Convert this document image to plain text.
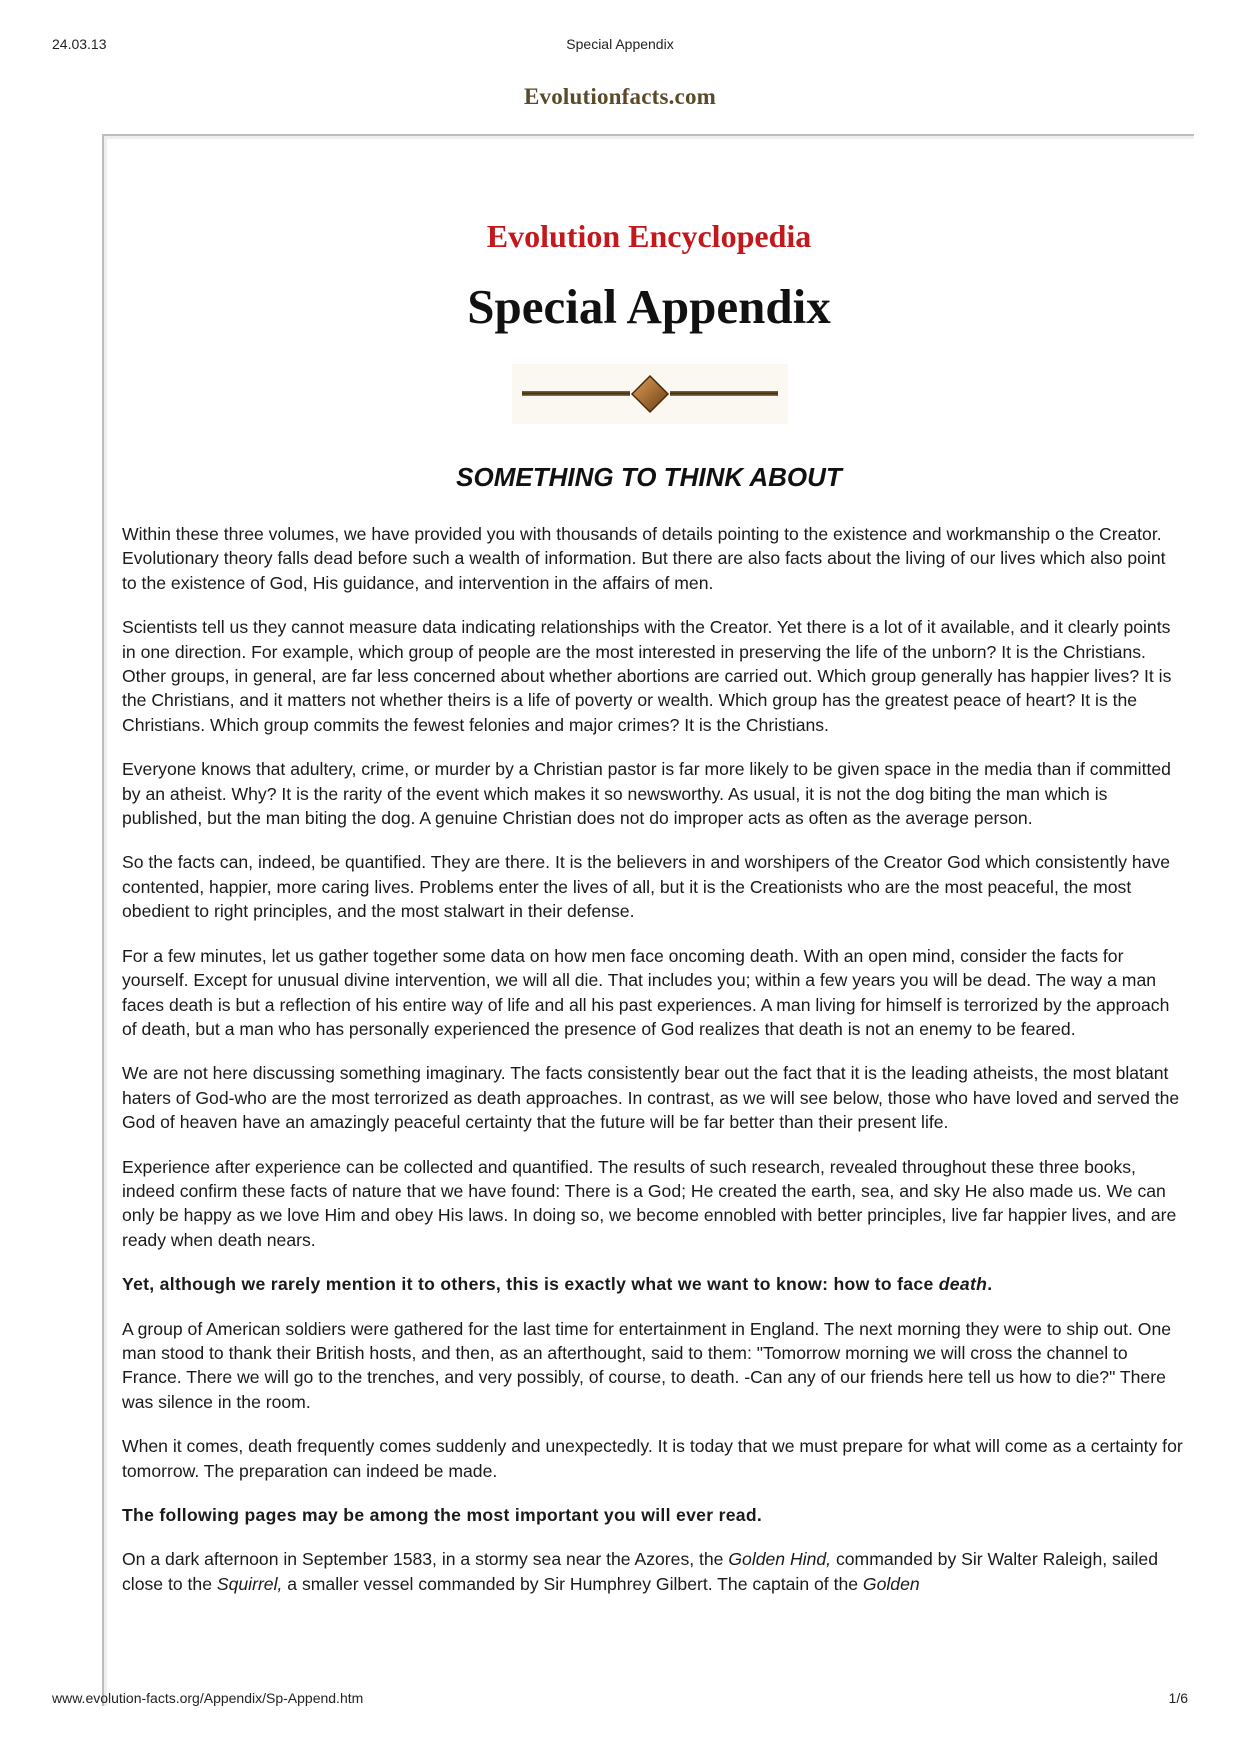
24.03.13	Special Appendix
Evolutionfacts.com
Evolution Encyclopedia
Special Appendix
SOMETHING TO THINK ABOUT

Within these three volumes, we have provided you with thousands of details pointing to the existence and workmanship o the Creator. Evolutionary theory falls dead before such a wealth of information. But there are also facts about the living of our lives which also point to the existence of God, His guidance, and intervention in the affairs of men.

Scientists tell us they cannot measure data indicating relationships with the Creator. Yet there is a lot of it available, and it clearly points in one direction. For example, which group of people are the most interested in preserving the life of the unborn? It is the Christians. Other groups, in general, are far less concerned about whether abortions are carried out. Which group generally has happier lives? It is the Christians, and it matters not whether theirs is a life of poverty or wealth. Which group has the greatest peace of heart? It is the Christians. Which group commits the fewest felonies and major crimes? It is the Christians.

Everyone knows that adultery, crime, or murder by a Christian pastor is far more likely to be given space in the media than if committed by an atheist. Why? It is the rarity of the event which makes it so newsworthy. As usual, it is not the dog biting the man which is published, but the man biting the dog. A genuine Christian does not do improper acts as often as the average person.

So the facts can, indeed, be quantified. They are there. It is the believers in and worshipers of the Creator God which consistently have contented, happier, more caring lives. Problems enter the lives of all, but it is the Creationists who are the most peaceful, the most obedient to right principles, and the most stalwart in their defense.

For a few minutes, let us gather together some data on how men face oncoming death. With an open mind, consider the facts for yourself. Except for unusual divine intervention, we will all die. That includes you; within a few years you will be dead. The way a man faces death is but a reflection of his entire way of life and all his past experiences. A man living for himself is terrorized by the approach of death, but a man who has personally experienced the presence of God realizes that death is not an enemy to be feared.

We are not here discussing something imaginary. The facts consistently bear out the fact that it is the leading atheists, the most blatant haters of God-who are the most terrorized as death approaches. In contrast, as we will see below, those who have loved and served the God of heaven have an amazingly peaceful certainty that the future will be far better than their present life.

Experience after experience can be collected and quantified. The results of such research, revealed throughout these three books, indeed confirm these facts of nature that we have found: There is a God; He created the earth, sea, and sky He also made us. We can only be happy as we love Him and obey His laws. In doing so, we become ennobled with better principles, live far happier lives, and are ready when death nears.

Yet, although we rarely mention it to others, this is exactly what we want to know: how to face death.

A group of American soldiers were gathered for the last time for entertainment in England. The next morning they were to ship out. One man stood to thank their British hosts, and then, as an afterthought, said to them: "Tomorrow morning we will cross the channel to France. There we will go to the trenches, and very possibly, of course, to death. -Can any of our friends here tell us how to die?" There was silence in the room.

When it comes, death frequently comes suddenly and unexpectedly. It is today that we must prepare for what will come as a certainty for tomorrow. The preparation can indeed be made.

The following pages may be among the most important you will ever read.

On a dark afternoon in September 1583, in a stormy sea near the Azores, the Golden Hind, commanded by Sir Walter Raleigh, sailed close to the Squirrel, a smaller vessel commanded by Sir Humphrey Gilbert. The captain of the Golden

www.evolution-facts.org/Appendix/Sp-Append.htm	1/6
